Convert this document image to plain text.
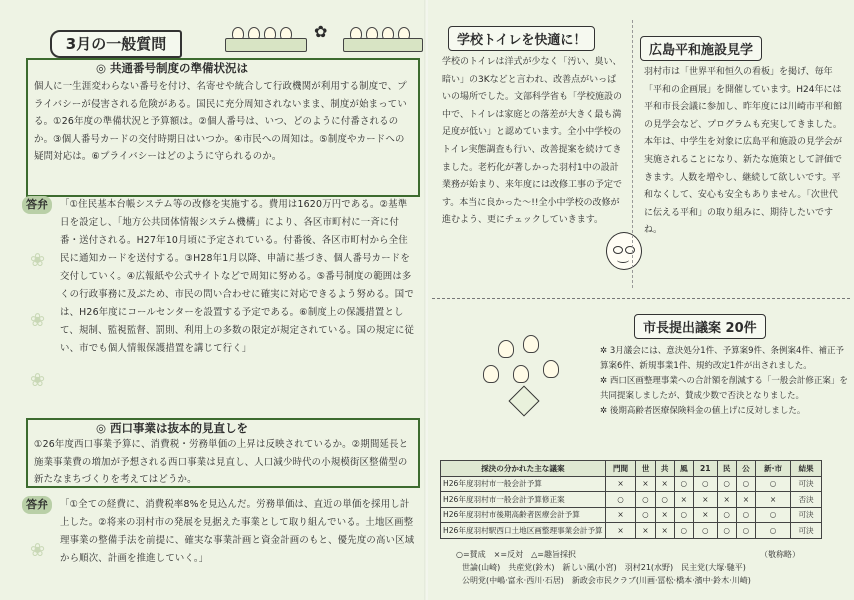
3月の一般質問
✿
◎ 共通番号制度の準備状況は
個人に一生涯変わらない番号を付け、名寄せや統合して行政機関が利用する制度で、プライバシーが侵害される危険がある。国民に充分周知されないまま、制度が始まっている。①26年度の準備状況と予算額は。②個人番号は、いつ、どのように付番されるのか。③個人番号カードの交付時期日はいつか。④市民への周知は。⑤制度やカードへの疑問対応は。⑥プライバシーはどのように守られるのか。
答弁	「①住民基本台帳システム等の改修を実施する。費用は1620万円である。②基準日を設定し、「地方公共団体情報システム機構」により、各区市町村に一斉に付番・送付される。H27年10月頃に予定されている。付番後、各区市町村から全住民に通知カードを送付する。③H28年1月以降、申請に基づき、個人番号カードを交付していく。④広報紙や公式サイトなどで周知に努める。⑤番号制度の範囲は多くの行政事務に及ぶため、市民の問い合わせに確実に対応できるよう努める。国では、H26年度にコールセンターを設置する予定である。⑥制度上の保護措置として、規制、監視監督、罰則、利用上の多数の限定が規定されている。国の規定に従い、市でも個人情報保護措置を講じて行く」
❀
❀
❀
◎ 西口事業は抜本的見直しを
①26年度西口事業予算に、消費税・労務単価の上昇は反映されているか。②期間延長と施業事業費の増加が予想される西口事業は見直し、人口減少時代の小規模街区整備型の新たなまちづくりを考えてはどうか。
答弁	「①全ての経費に、消費税率8%を見込んだ。労務単価は、直近の単価を採用し計上した。②将来の羽村市の発展を見据えた事業として取り組んでいる。土地区画整理事業の整備手法を前提に、確実な事業計画と資金計画のもと、優先度の高い区域から順次、計画を推進していく。」
❀
学校トイレを快適に！
学校のトイレは洋式が少なく「汚い、臭い、暗い」の3Kなどと言われ、改善点がいっぱいの場所でした。文部科学省も「学校施設の中で、トイレは家庭との落差が大きく最も満足度が低い」と認めています。全小中学校のトイレ実態調査も行い、改善提案を続けてきました。老朽化が著しかった羽村1中の設計業務が始まり、来年度には改修工事の予定です。本当に良かった〜!!全小中学校の改修が進むよう、更にチェックしていきます。
広島平和施設見学
羽村市は「世界平和恒久の看板」を掲げ、毎年「平和の企画展」を開催しています。H24年には平和市長会議に参加し、昨年度には川崎市平和館の見学会など、プログラムも充実してきました。本年は、中学生を対象に広島平和施設の見学会が実施されることになり、新たな施策として評価できます。人数を増やし、継続して欲しいです。平和なくして、安心も安全もありません。「次世代に伝える平和」の取り組みに、期待したいですね。
市長提出議案 20件
✲ 3月議会には、意決処分1件、予算案9件、条例案4件、補正予算案6件、新規事業1件、規約改定1件が出されました。
✲ 西口区画整理事業への合計額を削減する「一般会計修正案」を共同提案しましたが、賛成少数で否決となりました。
✲ 後期高齢者医療保険料金の値上げに反対しました。
採決の分かれた主な議案	門間	世	共	風	21	民	公	新·市	結果
H26年度羽村市一般会計予算	×	×	×	○	○	○	○	○	可決
H26年度羽村市一般会計予算修正案	○	○	○	×	×	×	×	×	否決
H26年度羽村市後期高齢者医療会計予算	×	○	×	○	×	○	○	○	可決
H26年度羽村駅西口土地区画整理事業会計予算	×	×	×	○	○	○	○	○	可決
○=賛成　×=反対　△=趣旨採択	（敬称略）
世論(山崎)　共産党(鈴木)　新しい風(小宮)　羽村21(水野)　民主党(大塚·馳平)
公明党(中嶋·富永·西川·石居)　新政会市民クラブ(川画·冨松·橋本·濱中·鈴木·川崎)
